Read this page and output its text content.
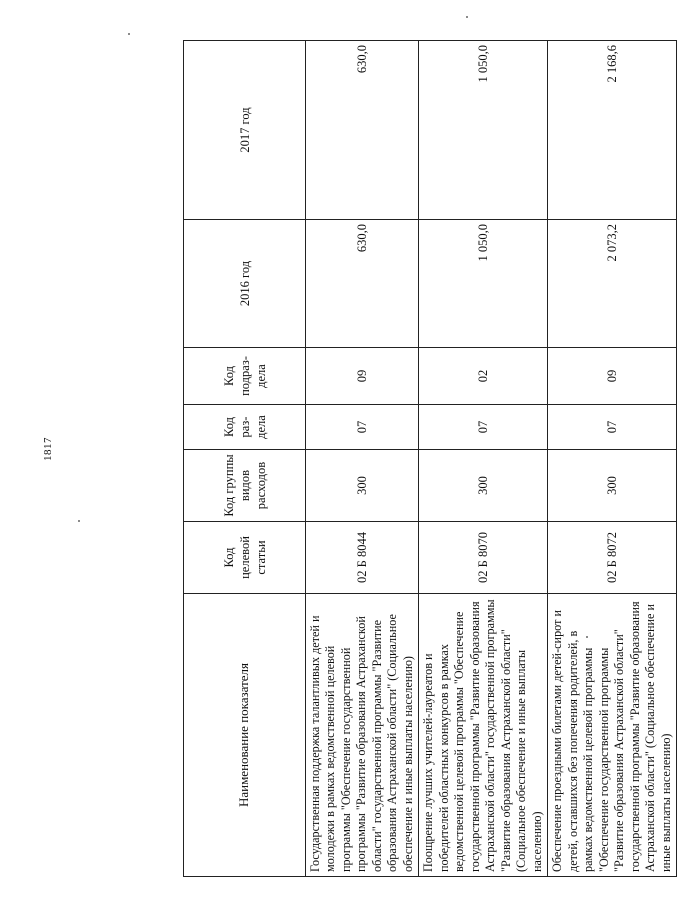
1817
Наименование показателя	Код целевой статьи	Код группы видов расходов	Код раз- дела	Код подраз- дела	2016 год	2017 год
Государственная поддержка талантливых детей и молодежи в рамках ведомственной целевой программы "Обеспечение государственной программы "Развитие образования Астраханской области" государственной программы "Развитие образования Астраханской области" (Социальное обеспечение и иные выплаты населению)	02 Б 8044	300	07	09	630,0	630,0
Поощрение лучших учителей-лауреатов и победителей областных конкурсов в рамках ведомственной целевой программы "Обеспечение государственной программы "Развитие образования Астраханской области" государственной программы "Развитие образования Астраханской области" (Социальное обеспечение и иные выплаты населению)	02 Б 8070	300	07	02	1 050,0	1 050,0
Обеспечение проездными билетами детей-сирот и детей, оставшихся без попечения родителей, в рамках ведомственной целевой программы "Обеспечение государственной программы "Развитие образования Астраханской области" государственной программы "Развитие образования Астраханской области" (Социальное обеспечение и иные выплаты населению)	02 Б 8072	300	07	09	2 073,2	2 168,6
